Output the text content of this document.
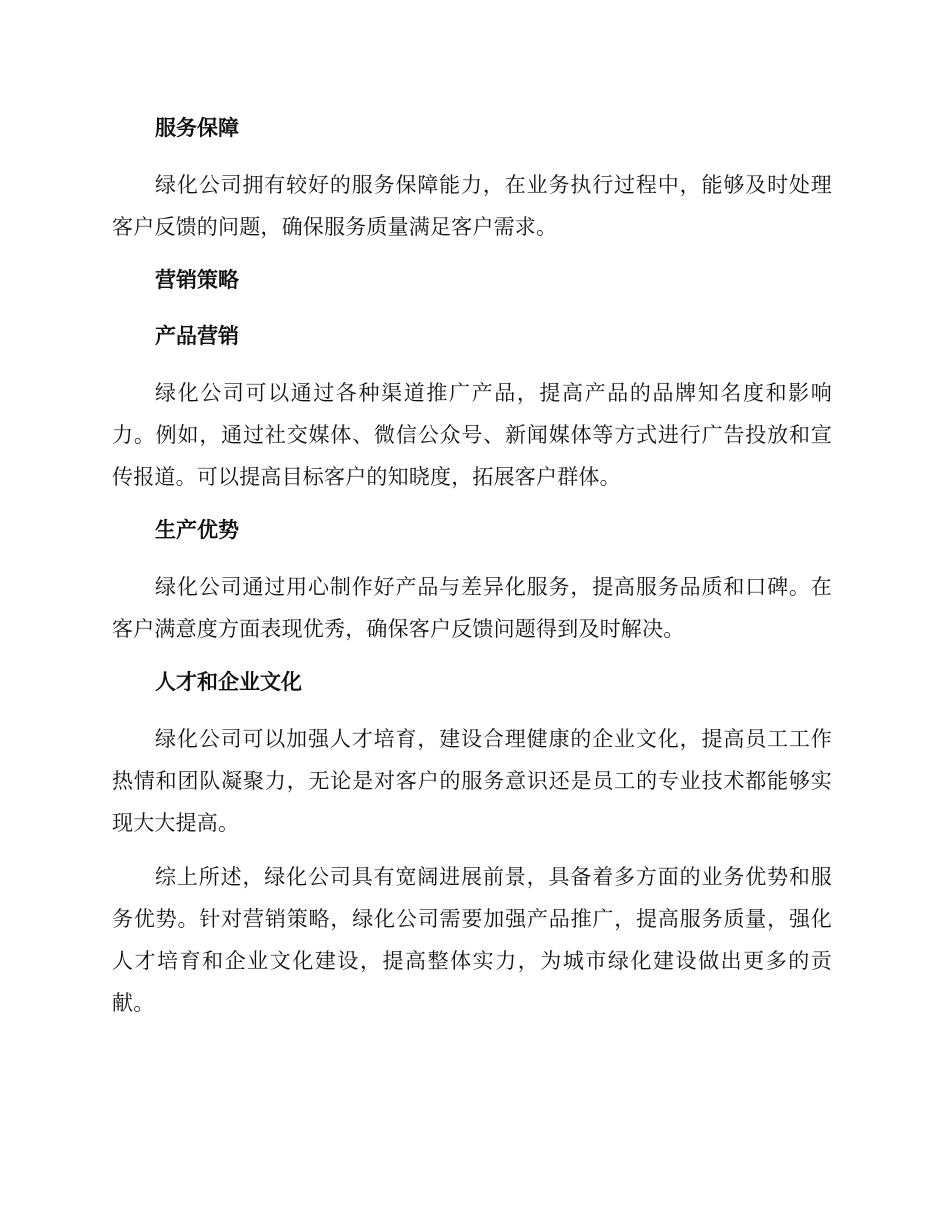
服务保障

绿化公司拥有较好的服务保障能力，在业务执行过程中，能够及时处理客户反馈的问题，确保服务质量满足客户需求。

营销策略
产品营销

绿化公司可以通过各种渠道推广产品，提高产品的品牌知名度和影响力。例如，通过社交媒体、微信公众号、新闻媒体等方式进行广告投放和宣传报道。可以提高目标客户的知晓度，拓展客户群体。

生产优势

绿化公司通过用心制作好产品与差异化服务，提高服务品质和口碑。在客户满意度方面表现优秀，确保客户反馈问题得到及时解决。

人才和企业文化

绿化公司可以加强人才培育，建设合理健康的企业文化，提高员工工作热情和团队凝聚力，无论是对客户的服务意识还是员工的专业技术都能够实现大大提高。

综上所述，绿化公司具有宽阔进展前景，具备着多方面的业务优势和服务优势。针对营销策略，绿化公司需要加强产品推广，提高服务质量，强化人才培育和企业文化建设，提高整体实力，为城市绿化建设做出更多的贡献。
